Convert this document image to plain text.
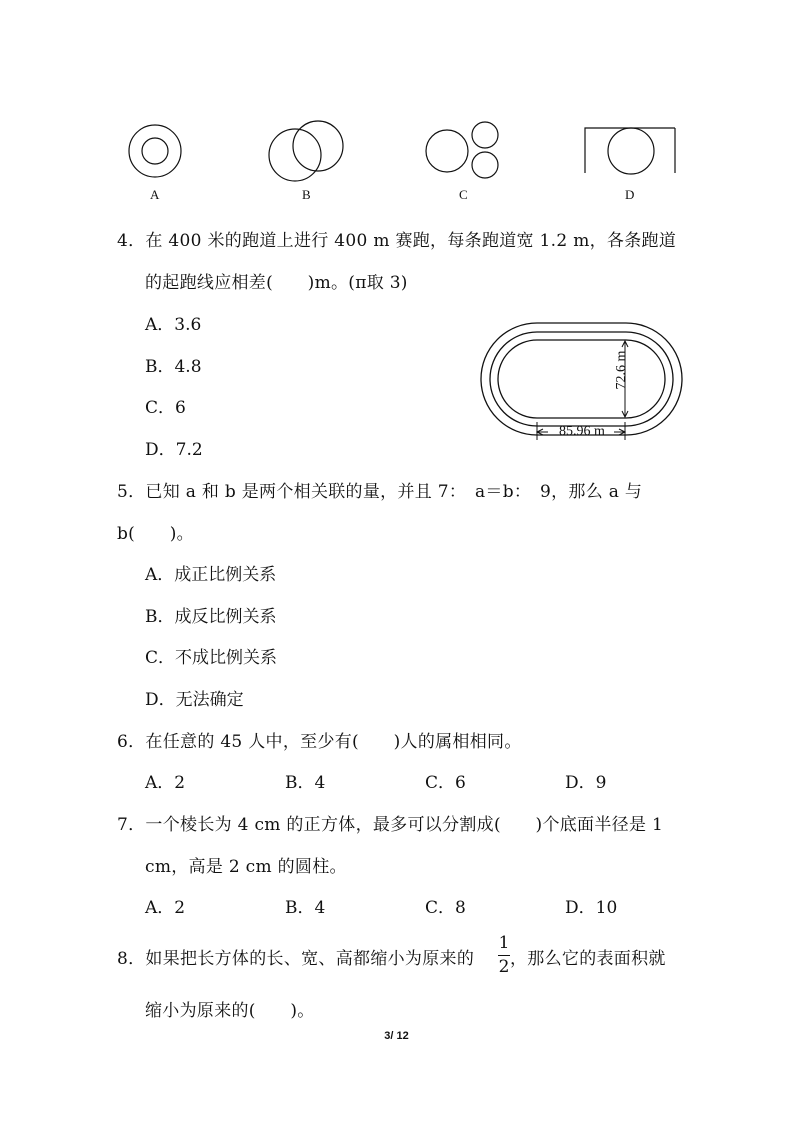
A	B	C	D
4．在 400 米的跑道上进行 400 m 赛跑，每条跑道宽 1.2 m，各条跑道
的起跑线应相差(　　)m。(π取 3)
A．3.6
B．4.8
C．6
D．7.2
72.6 m
85.96 m
5．已知 a 和 b 是两个相关联的量，并且 7：　a＝b：　9，那么 a 与
b(　　)。
A．成正比例关系
B．成反比例关系
C．不成比例关系
D．无法确定
6．在任意的 45 人中，至少有(　　)人的属相相同。
A．2	B．4	C．6	D．9
7．一个棱长为 4 cm 的正方体，最多可以分割成(　　)个底面半径是 1
cm，高是 2 cm 的圆柱。
A．2	B．4	C．8	D．10
8．如果把长方体的长、宽、高都缩小为原来的
1
2 ，那么它的表面积就
缩小为原来的(　　)。
3/ 12
